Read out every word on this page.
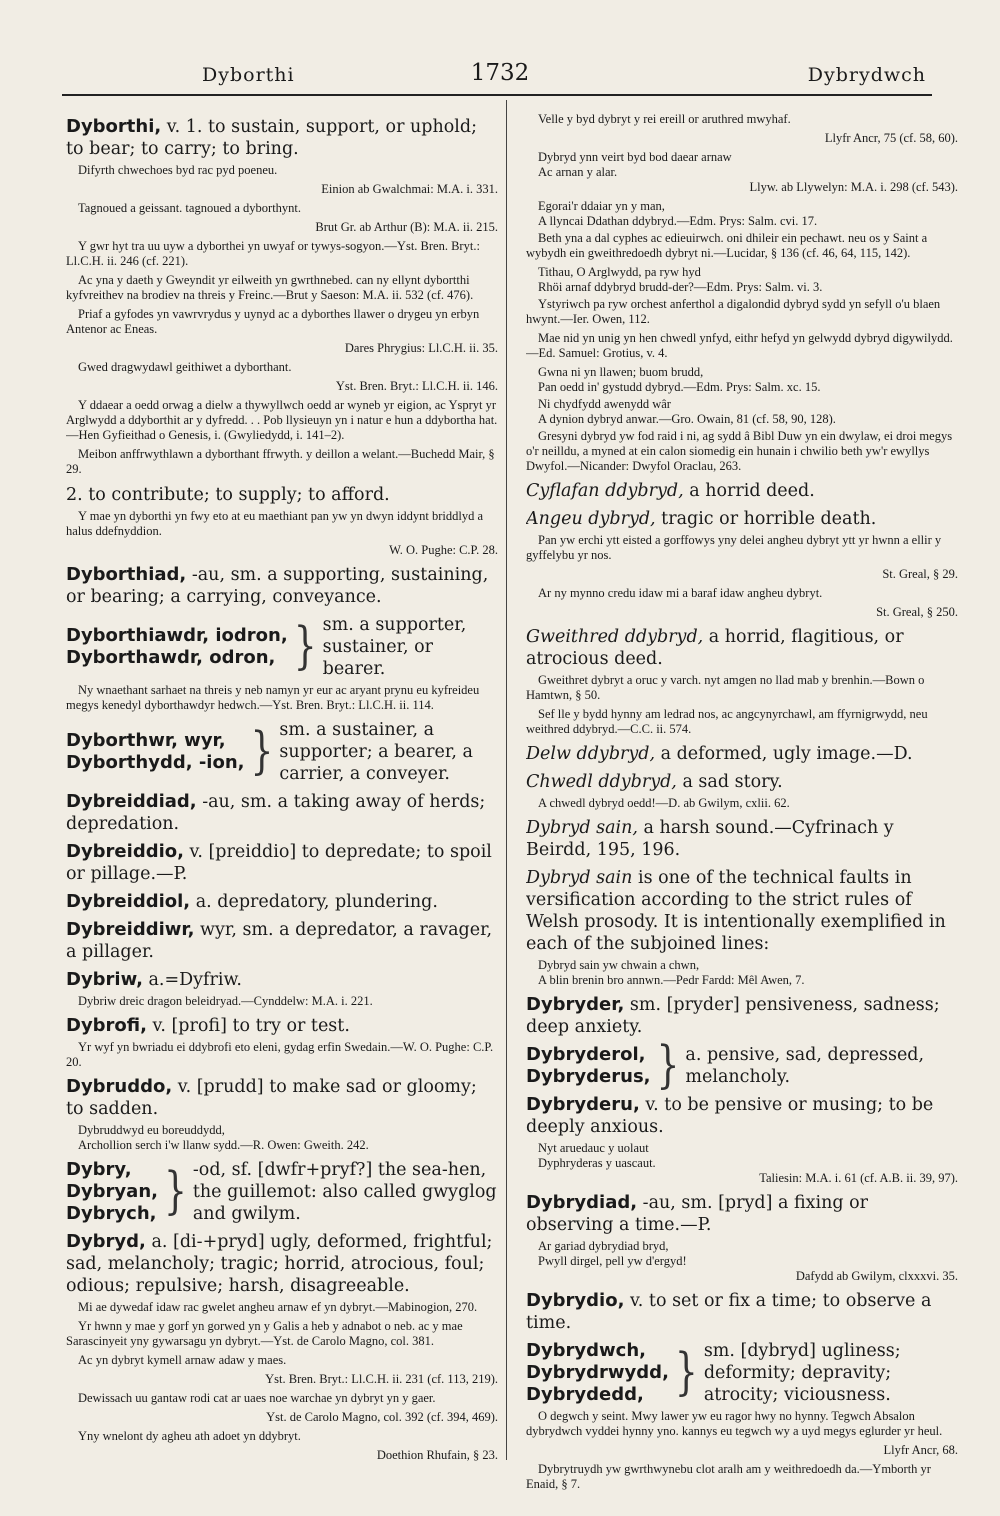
Dyborthi	1732	Dybrydwch
Dyborthi, v. 1. to sustain, support, or uphold; to bear; to carry; to bring.
Difyrth chwechoes byd rac pyd poeneu.
Einion ab Gwalchmai: M.A. i. 331.
Tagnoued a geissant. tagnoued a dyborthynt.
Brut Gr. ab Arthur (B): M.A. ii. 215.
Y gwr hyt tra uu uyw a dyborthei yn uwyaf or tywys-sogyon.—Yst. Bren. Bryt.: Ll.C.H. ii. 246 (cf. 221).
Ac yna y daeth y Gweyndit yr eilweith yn gwrthnebed. can ny ellynt dybortthi kyfvreithev na brodiev na threis y Freinc.—Brut y Saeson: M.A. ii. 532 (cf. 476).
Priaf a gyfodes yn vawrvrydus y uynyd ac a dyborthes llawer o drygeu yn erbyn Antenor ac Eneas.
Dares Phrygius: Ll.C.H. ii. 35.
Gwed dragwydawl geithiwet a dyborthant.
Yst. Bren. Bryt.: Ll.C.H. ii. 146.
Y ddaear a oedd orwag a dielw a thywyllwch oedd ar wyneb yr eigion, ac Yspryt yr Arglwydd a ddyborthit ar y dyfredd. . . Pob llysieuyn yn i natur e hun a ddybortha hat.—Hen Gyfieithad o Genesis, i. (Gwyliedydd, i. 141–2).
Meibon anffrwythlawn a dyborthant ffrwyth. y deillon a welant.—Buchedd Mair, § 29.
2. to contribute; to supply; to afford.
Y mae yn dyborthi yn fwy eto at eu maethiant pan yw yn dwyn iddynt briddlyd a halus ddefnyddion.
W. O. Pughe: C.P. 28.
Dyborthiad, -au, sm. a supporting, sustaining, or bearing; a carrying, conveyance.
Dyborthiawdr, iodron,
Dyborthawdr, odron, } sm. a supporter, sustainer, or bearer.
Ny wnaethant sarhaet na threis y neb namyn yr eur ac aryant prynu eu kyfreideu megys kenedyl dyborthawdyr hedwch.—Yst. Bren. Bryt.: Ll.C.H. ii. 114.
Dyborthwr, wyr,
Dyborthydd, -ion, } sm. a sustainer, a supporter; a bearer, a carrier, a conveyer.
Dybreiddiad, -au, sm. a taking away of herds; depredation.
Dybreiddio, v. [preiddio] to depredate; to spoil or pillage.—P.
Dybreiddiol, a. depredatory, plundering.
Dybreiddiwr, wyr, sm. a depredator, a ravager, a pillager.
Dybriw, a.=Dyfriw.
Dybriw dreic dragon beleidryad.—Cynddelw: M.A. i. 221.
Dybrofi, v. [profi] to try or test.
Yr wyf yn bwriadu ei ddybrofi eto eleni, gydag erfin Swedain.—W. O. Pughe: C.P. 20.
Dybruddo, v. [prudd] to make sad or gloomy; to sadden.
Dybruddwyd eu boreuddydd,
Archollion serch i'w llanw sydd.—R. Owen: Gweith. 242.
Dybry,
Dybryan,
Dybrych, } -od, sf. [dwfr+pryf?] the sea-hen, the guillemot: also called gwyglog and gwilym.
Dybryd, a. [di-+pryd] ugly, deformed, frightful; sad, melancholy; tragic; horrid, atrocious, foul; odious; repulsive; harsh, disagreeable.
Mi ae dywedaf idaw rac gwelet angheu arnaw ef yn dybryt.—Mabinogion, 270.
Yr hwnn y mae y gorf yn gorwed yn y Galis a heb y adnabot o neb. ac y mae Sarascinyeit yny gywarsagu yn dybryt.—Yst. de Carolo Magno, col. 381.
Ac yn dybryt kymell arnaw adaw y maes.
Yst. Bren. Bryt.: Ll.C.H. ii. 231 (cf. 113, 219).
Dewissach uu gantaw rodi cat ar uaes noe warchae yn dybryt yn y gaer.
Yst. de Carolo Magno, col. 392 (cf. 394, 469).
Yny wnelont dy agheu ath adoet yn ddybryt.
Doethion Rhufain, § 23.
Velle y byd dybryt y rei ereill or aruthred mwyhaf.
Llyfr Ancr, 75 (cf. 58, 60).
Dybryd ynn veirt byd bod daear arnaw
Ac arnan y alar.
Llyw. ab Llywelyn: M.A. i. 298 (cf. 543).
Egorai'r ddaiar yn y man,
A llyncai Ddathan ddybryd.—Edm. Prys: Salm. cvi. 17.
Beth yna a dal cyphes ac edieuirwch. oni dhileir ein pechawt. neu os y Saint a wybydh ein gweithredoedh dybryt ni.—Lucidar, § 136 (cf. 46, 64, 115, 142).
Tithau, O Arglwydd, pa ryw hyd
Rhöi arnaf ddybryd brudd-der?—Edm. Prys: Salm. vi. 3.
Ystyriwch pa ryw orchest anferthol a digalondid dybryd sydd yn sefyll o'u blaen hwynt.—Ier. Owen, 112.
Mae nid yn unig yn hen chwedl ynfyd, eithr hefyd yn gelwydd dybryd digywilydd.—Ed. Samuel: Grotius, v. 4.
Gwna ni yn llawen; buom brudd,
Pan oedd in' gystudd dybryd.—Edm. Prys: Salm. xc. 15.
Ni chydfydd awenydd wâr
A dynion dybryd anwar.—Gro. Owain, 81 (cf. 58, 90, 128).
Gresyni dybryd yw fod raid i ni, ag sydd â Bibl Duw yn ein dwylaw, ei droi megys o'r neilldu, a myned at ein calon siomedig ein hunain i chwilio beth yw'r ewyllys Dwyfol.—Nicander: Dwyfol Oraclau, 263.
Cyflafan ddybryd, a horrid deed.
Angeu dybryd, tragic or horrible death.
Pan yw erchi ytt eisted a gorffowys yny delei angheu dybryt ytt yr hwnn a ellir y gyffelybu yr nos.
St. Greal, § 29.
Ar ny mynno credu idaw mi a baraf idaw angheu dybryt.
St. Greal, § 250.
Gweithred ddybryd, a horrid, flagitious, or atrocious deed.
Gweithret dybryt a oruc y varch. nyt amgen no llad mab y brenhin.—Bown o Hamtwn, § 50.
Sef lle y bydd hynny am ledrad nos, ac angcynyrchawl, am ffyrnigrwydd, neu weithred ddybryd.—C.C. ii. 574.
Delw ddybryd, a deformed, ugly image.—D.
Chwedl ddybryd, a sad story.
A chwedl dybryd oedd!—D. ab Gwilym, cxlii. 62.
Dybryd sain, a harsh sound.—Cyfrinach y Beirdd, 195, 196.
Dybryd sain is one of the technical faults in versification according to the strict rules of Welsh prosody. It is intentionally exemplified in each of the subjoined lines:
Dybryd sain yw chwain a chwn,
A blin brenin bro annwn.—Pedr Fardd: Mêl Awen, 7.
Dybryder, sm. [pryder] pensiveness, sadness; deep anxiety.
Dybryderol,
Dybryderus, } a. pensive, sad, depressed, melancholy.
Dybryderu, v. to be pensive or musing; to be deeply anxious.
Nyt aruedauc y uolaut
Dyphryderas y uascaut.
Taliesin: M.A. i. 61 (cf. A.B. ii. 39, 97).
Dybrydiad, -au, sm. [pryd] a fixing or observing a time.—P.
Ar gariad dybrydiad bryd,
Pwyll dirgel, pell yw d'ergyd!
Dafydd ab Gwilym, clxxxvi. 35.
Dybrydio, v. to set or fix a time; to observe a time.
Dybrydwch,
Dybrydrwydd,
Dybrydedd, } sm. [dybryd] ugliness; deformity; depravity; atrocity; viciousness.
O degwch y seint. Mwy lawer yw eu ragor hwy no hynny. Tegwch Absalon dybrydwch vyddei hynny yno. kannys eu tegwch wy a uyd megys eglurder yr heul.
Llyfr Ancr, 68.
Dybrytruydh yw gwrthwynebu clot aralh am y weithredoedh da.—Ymborth yr Enaid, § 7.
